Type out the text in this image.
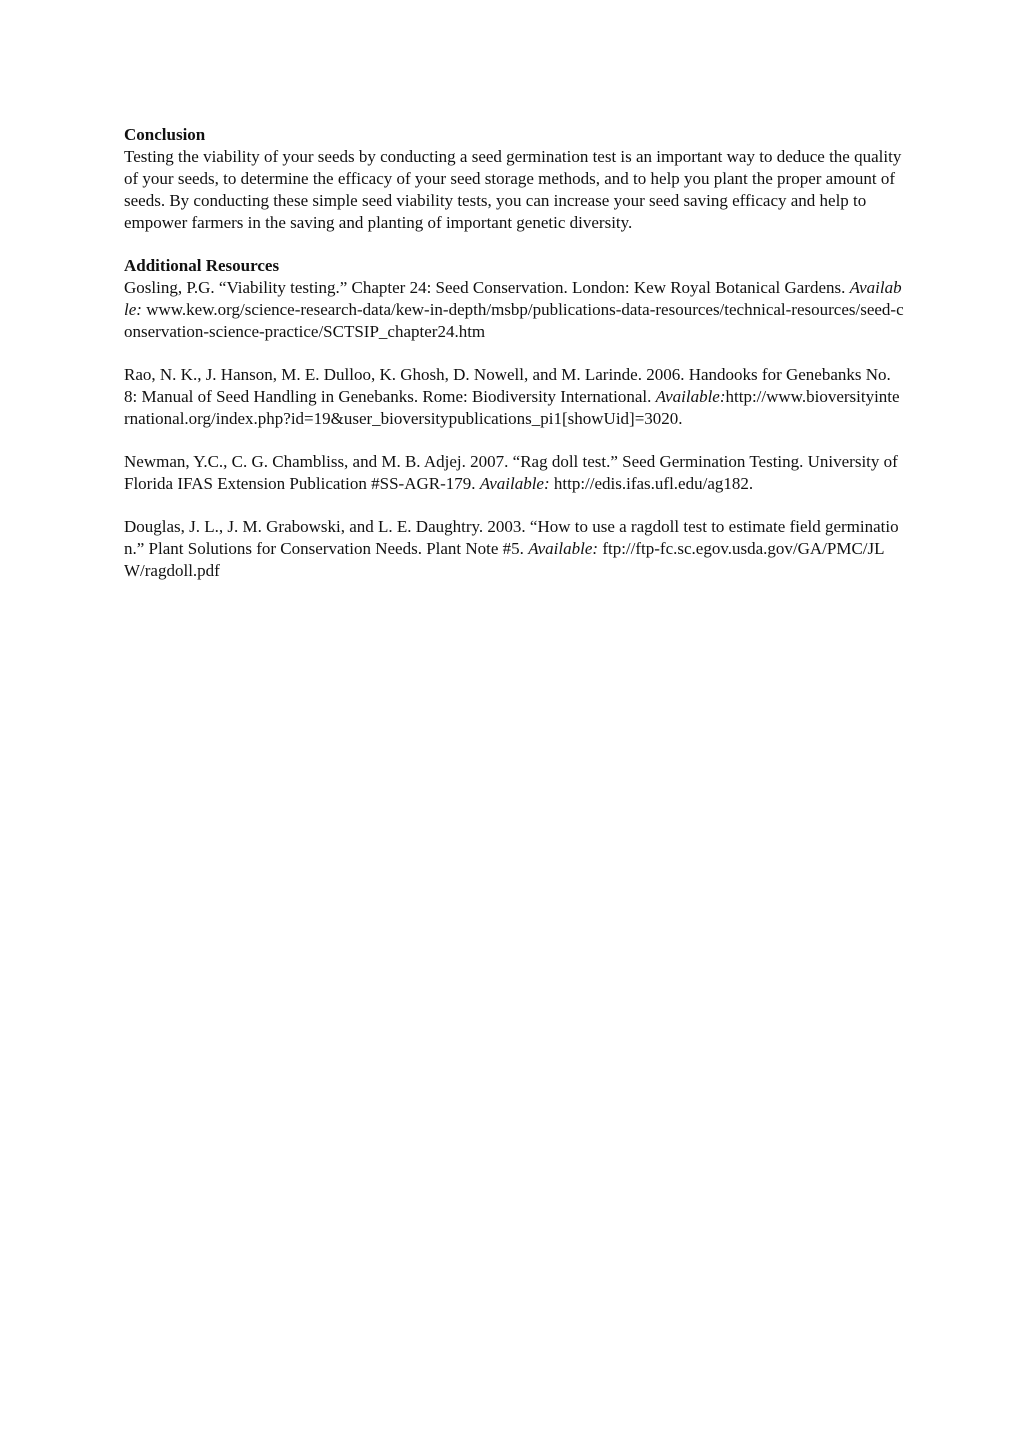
Conclusion

Testing the viability of your seeds by conducting a seed germination test is an important way to deduce the quality of your seeds, to determine the efficacy of your seed storage methods, and to help you plant the proper amount of seeds. By conducting these simple seed viability tests, you can increase your seed saving efficacy and help to empower farmers in the saving and planting of important genetic diversity.

Additional Resources

Gosling, P.G. “Viability testing.” Chapter 24: Seed Conservation. London: Kew Royal Botanical Gardens. Available: www.kew.org/science-research-data/kew-in-depth/msbp/publications-data-resources/technical-resources/seed-conservation-science-practice/SCTSIP_chapter24.htm

Rao, N. K., J. Hanson, M. E. Dulloo, K. Ghosh, D. Nowell, and M. Larinde. 2006. Handooks for Genebanks No. 8: Manual of Seed Handling in Genebanks. Rome: Biodiversity International. Available:http://www.bioversityinternational.org/index.php?id=19&user_bioversitypublications_pi1[showUid]=3020.

Newman, Y.C., C. G. Chambliss, and M. B. Adjej. 2007. “Rag doll test.” Seed Germination Testing. University of Florida IFAS Extension Publication #SS-AGR-179. Available: http://edis.ifas.ufl.edu/ag182.

Douglas, J. L., J. M. Grabowski, and L. E. Daughtry. 2003. “How to use a ragdoll test to estimate field germination.” Plant Solutions for Conservation Needs. Plant Note #5. Available: ftp://ftp-fc.sc.egov.usda.gov/GA/PMC/JLW/ragdoll.pdf
